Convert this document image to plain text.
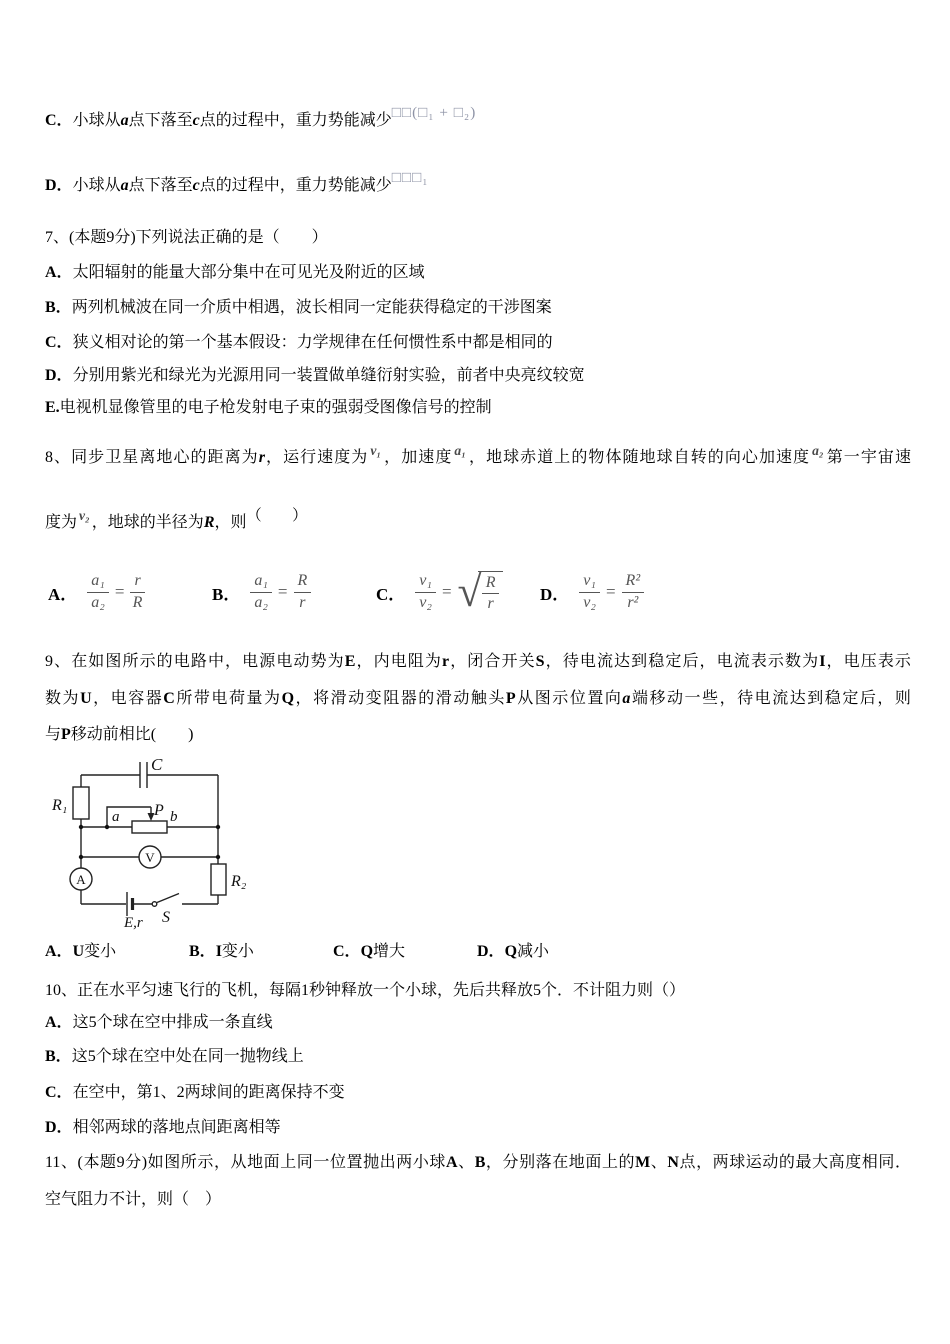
C．小球从a点下落至c点的过程中，重力势能减少□□(□₁ + □₂)
D．小球从a点下落至c点的过程中，重力势能减少□□□₁
7、(本题9分)下列说法正确的是（　　）
A．太阳辐射的能量大部分集中在可见光及附近的区域
B．两列机械波在同一介质中相遇，波长相同一定能获得稳定的干涉图案
C．狭义相对论的第一个基本假设：力学规律在任何惯性系中都是相同的
D．分别用紫光和绿光为光源用同一装置做单缝衍射实验，前者中央亮纹较宽
E.电视机显像管里的电子枪发射电子束的强弱受图像信号的控制
8、同步卫星离地心的距离为r，运行速度为 $^{v_1}$ ，加速度 $^{a_1}$ ，地球赤道上的物体随地球自转的向心加速度 $^{a_2}$ 第一宇宙速
度为 $^{v_2}$ ，地球的半径为R，则（　　）
A． $\frac{\text{a₁}}{\text{a₂}} = \frac{r}{R}$	B． $\frac{\text{a₁}}{\text{a₂}} = \frac{R}{r}$	C． $\frac{\text{v₁}}{\text{v₂}}$ = √ $\frac{R}{r}$ D． $\frac{\text{v₁}}{\text{v₂}} = \frac{\text{R²}}{\text{r²}}$
9、在如图所示的电路中，电源电动势为E，内电阻为r，闭合开关S，待电流达到稳定后，电流表示数为I，电压表示
数为U，电容器C所带电荷量为Q，将滑动变阻器的滑动触头P从图示位置向a端移动一些，待电流达到稳定后，则
与P移动前相比(　　)
C
R₁
a P b
V
A	R₂
E,r S
A．U变小	B．I变小	C．Q增大	D．Q减小
10、正在水平匀速飞行的飞机，每隔1秒钟释放一个小球，先后共释放5个．不计阻力则（）
A．这5个球在空中排成一条直线
B．这5个球在空中处在同一抛物线上
C．在空中，第1、2两球间的距离保持不变
D．相邻两球的落地点间距离相等
11、(本题9分)如图所示，从地面上同一位置抛出两小球A、B，分别落在地面上的M、N点，两球运动的最大高度相同．
空气阻力不计，则（　）
